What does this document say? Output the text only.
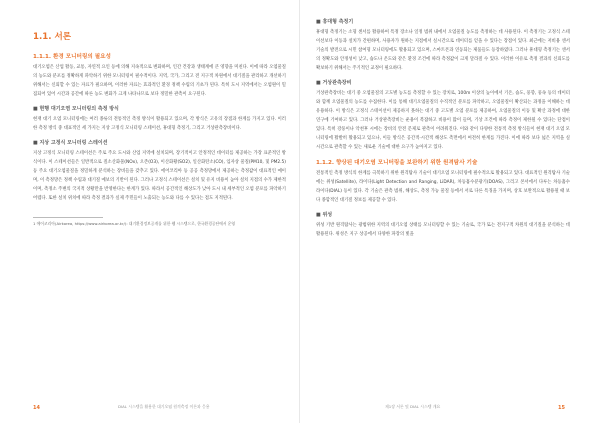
1.1. 서론
1.1.1. 환경 모니터링의 필요성

대기오염은 산업 활동, 교통, 자연적 요인 등에 의해 지속적으로 변화하며, 인간 건강과 생태계에 큰 영향을 미친다. 이에 따라 오염물질의 농도와 분포를 정확하게 파악하기 위한 모니터링이 필수적이다. 지역, 국가, 그리고 전 지구적 차원에서 대기질을 관리하고 개선하기 위해서는 신뢰할 수 있는 자료가 필요하며, 이러한 자료는 효과적인 환경 정책 수립의 기초가 된다. 특히 도시 지역에서는 오염원이 밀집되어 있어 시간과 공간에 따른 농도 변화가 크게 나타나므로 보다 정밀한 관측이 요구된다.

■ 현행 대기오염 모니터링의 측정 방식

현재 대기 오염 모니터링에는 여러 종류의 전통적인 측정 방식이 활용되고 있으며, 각 방식은 고유의 장점과 한계를 가지고 있다. 이러한 측정 방식 중 대표적인 세 가지는 지상 고정식 모니터링 스테이션, 휴대형 측정기, 그리고 거상관측장비이다.

■ 지상 고정식 모니터링 스테이션

지상 고정식 모니터링 스테이션은 주로 주요 도시와 산업 지역에 설치되며, 장기적이고 안정적인 데이터를 제공하는 가장 표준적인 방식이다. 이 스테이션들은 일반적으로 질소산화물(NOx), 오존(O3), 이산화황(SO2), 일산화탄소(CO), 입자상 물질(PM10, 및 PM2.5) 등 주요 대기오염물질을 정밀하게 분석하는 장비들을 갖추고 있다. 에어코리아 등 공공 측정망에서 제공하는 측정값이 대표적인 예이며, 이 측정망은 정책 수립과 대기질 예보의 기반이 된다. 그러나 고정식 스테이션은 설치 및 유지 비용이 높아 설치 지점의 수가 제한적이며, 측정소 주변의 국지적 상황만을 반영한다는 한계가 있다. 따라서 공간적인 해상도가 낮아 도시 내 세부적인 오염 분포를 파악하기 어렵다. 또한 설치 위치에 따라 측정 결과가 실제 주민들이 노출되는 농도와 다를 수 있다는 점도 지적된다.

1 에어코리아(Airkorea, https://www.airkorea.or.kr/): 대기환경정보공개를 위한 웹 시스템으로, 한국환경공단에서 운영

14	DIAL 시스템을 활용한 대기오염 원격측정 이론과 응용
■ 휴대형 측정기

휴대형 측정기는 소형 센서를 활용하여 특정 장소나 일정 범위 내에서 오염물질 농도를 측정하는 데 사용된다. 이 측정기는 고정식 스테이션보다 이동과 설치가 간편하며, 사용자가 원하는 지점에서 실시간으로 데이터를 얻을 수 있다는 장점이 있다. 최근에는 저비용 센서 기술의 발전으로 시민 참여형 모니터링에도 활용되고 있으며, 스마트폰과 연동되는 제품들도 등장하였다. 그러나 휴대형 측정기는 센서의 정확도와 안정성이 낮고, 습도나 온도와 같은 환경 조건에 따라 측정값이 크게 달라질 수 있다. 이러한 이유로 측정 결과의 신뢰도를 확보하기 위해서는 주기적인 교정이 필요하다.

■ 거상관측장비

거상관측장비는 대기 중 오염물질의 고도별 농도를 측정할 수 있는 장치로, 100m 이상의 높이에서 기온, 습도, 풍향, 풍속 등의 데이터와 함께 오염물질의 농도를 수집한다. 이를 통해 대기오염물질의 수직적인 분포를 파악하고, 오염물질이 확산되는 과정을 이해하는 데 유용하다. 이 방식은 고정식 스테이션이 제공하지 못하는 대기 중 고도별 오염 분포를 제공하여, 오염물질의 이동 및 확산 과정에 대한 연구에 기여하고 있다. 그러나 거상관측장비는 운용이 복잡하고 비용이 많이 들며, 기상 조건에 따라 측정이 제한될 수 있다는 단점이 있다. 특히 강풍이나 악천후 시에는 장비의 안전 문제로 관측이 어려워진다. 이와 같이 다양한 전통적 측정 방식들이 현재 대기 오염 모니터링에 활발히 활용되고 있으나, 이들 방식은 공간적·시간적 해상도 측면에서 여전히 한계를 가진다. 이에 따라 보다 넓은 지역을 실시간으로 관측할 수 있는 새로운 기술에 대한 요구가 높아지고 있다.

1.1.2. 향상된 대기오염 모니터링을 보완하기 위한 원격탐사 기술

전통적인 측정 방식의 한계를 극복하기 위한 원격탐사 기술이 대기오염 모니터링에 필수적으로 활용되고 있다. 대표적인 원격탐사 기술에는 위성(Satellite), 라이다(Light Detection and Ranging, LiDAR), 차등흡수분광기(DOAS), 그리고 본서에서 다루는 차등흡수 라이다(DIAL) 등이 있다. 각 기술은 관측 범위, 해상도, 측정 가능 물질 등에서 서로 다른 특징을 가지며, 상호 보완적으로 활용될 때 보다 종합적인 대기질 정보를 제공할 수 있다.

■ 위성

위성 기반 원격탐사는 광범위한 지역의 대기오염 상태를 모니터링할 수 있는 기술로, 국가 또는 전지구적 차원의 대기질을 분석하는 데 활용된다. 위성은 지구 상공에서 다양한 파장의 빛을

제1장 서론 및 DIAL 시스템 개요	15
